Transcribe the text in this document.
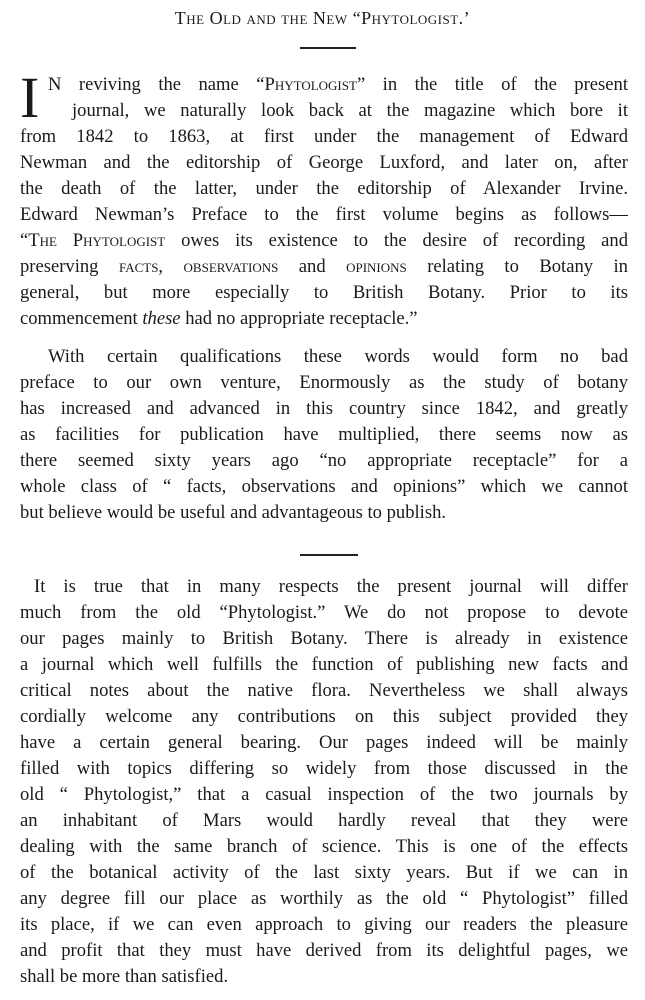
The Old and the New “Phytologist.’
I N reviving the name “Phytologist” in the title of the present
journal, we naturally look back at the magazine which bore it
from 1842 to 1863, at first under the management of Edward
Newman and the editorship of George Luxford, and later on, after
the death of the latter, under the editorship of Alexander Irvine.
Edward Newman’s Preface to the first volume begins as follows—
“The Phytologist owes its existence to the desire of recording and
preserving facts, observations and opinions relating to Botany in
general, but more especially to British Botany. Prior to its
commencement these had no appropriate receptacle.”
With certain qualifications these words would form no bad
preface to our own venture, Enormously as the study of botany
has increased and advanced in this country since 1842, and greatly
as facilities for publication have multiplied, there seems now as
there seemed sixty years ago “no appropriate receptacle” for a
whole class of “ facts, observations and opinions” which we cannot
but believe would be useful and advantageous to publish.
It is true that in many respects the present journal will differ
much from the old “Phytologist.” We do not propose to devote
our pages mainly to British Botany. There is already in existence
a journal which well fulfills the function of publishing new facts and
critical notes about the native flora. Nevertheless we shall always
cordially welcome any contributions on this subject provided they
have a certain general bearing. Our pages indeed will be mainly
filled with topics differing so widely from those discussed in the
old “ Phytologist,” that a casual inspection of the two journals by
an inhabitant of Mars would hardly reveal that they were
dealing with the same branch of science. This is one of the effects
of the botanical activity of the last sixty years. But if we can in
any degree fill our place as worthily as the old “ Phytologist” filled
its place, if we can even approach to giving our readers the pleasure
and profit that they must have derived from its delightful pages, we
shall be more than satisfied.
